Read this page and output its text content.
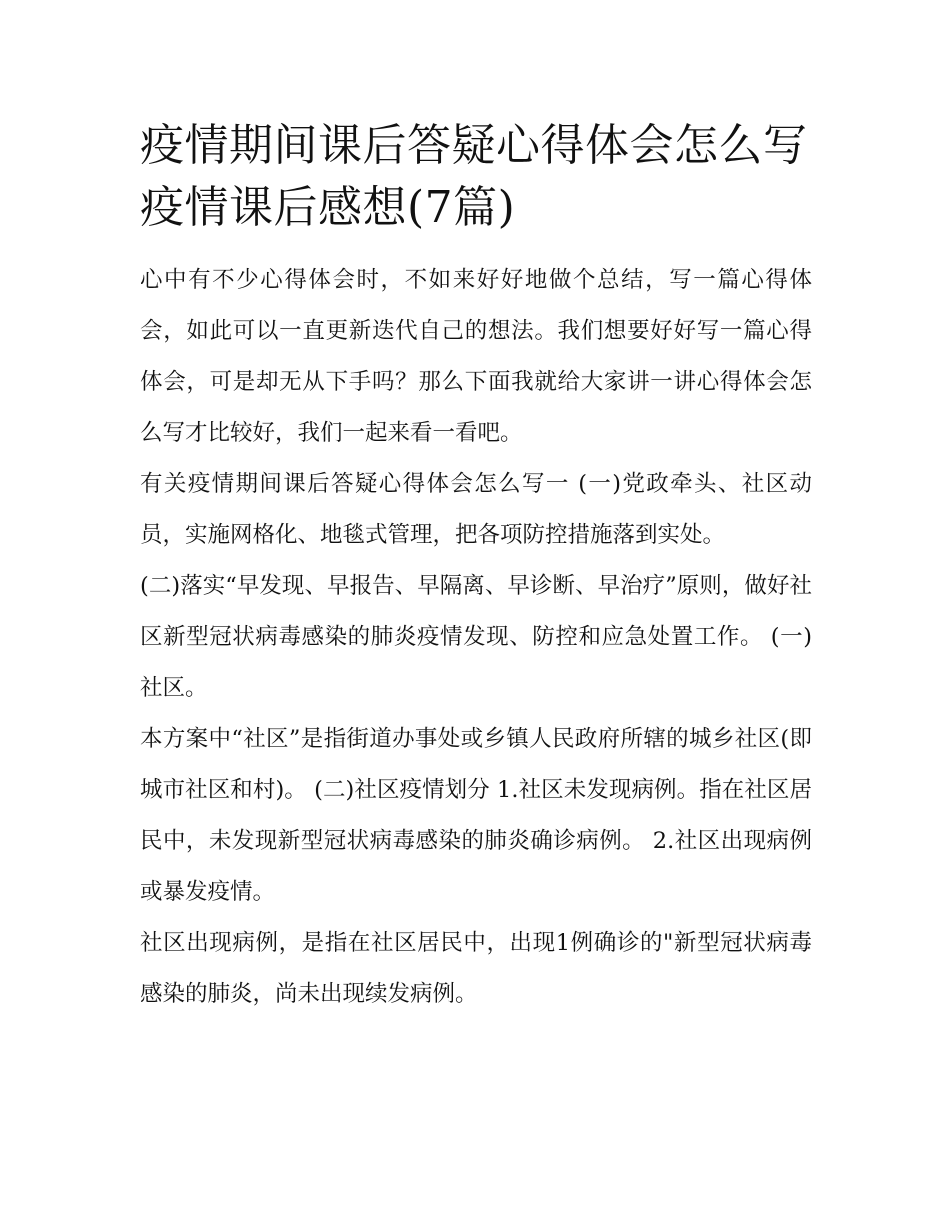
疫情期间课后答疑心得体会怎么写 疫情课后感想(7篇)

心中有不少心得体会时，不如来好好地做个总结，写一篇心得体会，如此可以一直更新迭代自己的想法。我们想要好好写一篇心得体会，可是却无从下手吗？那么下面我就给大家讲一讲心得体会怎么写才比较好，我们一起来看一看吧。

有关疫情期间课后答疑心得体会怎么写一 (一)党政牵头、社区动员，实施网格化、地毯式管理，把各项防控措施落到实处。

(二)落实“早发现、早报告、早隔离、早诊断、早治疗”原则，做好社区新型冠状病毒感染的肺炎疫情发现、防控和应急处置工作。 (一)社区。

本方案中“社区”是指街道办事处或乡镇人民政府所辖的城乡社区(即城市社区和村)。 (二)社区疫情划分 1.社区未发现病例。指在社区居民中，未发现新型冠状病毒感染的肺炎确诊病例。 2.社区出现病例或暴发疫情。

社区出现病例，是指在社区居民中，出现1例确诊的"新型冠状病毒感染的肺炎，尚未出现续发病例。
